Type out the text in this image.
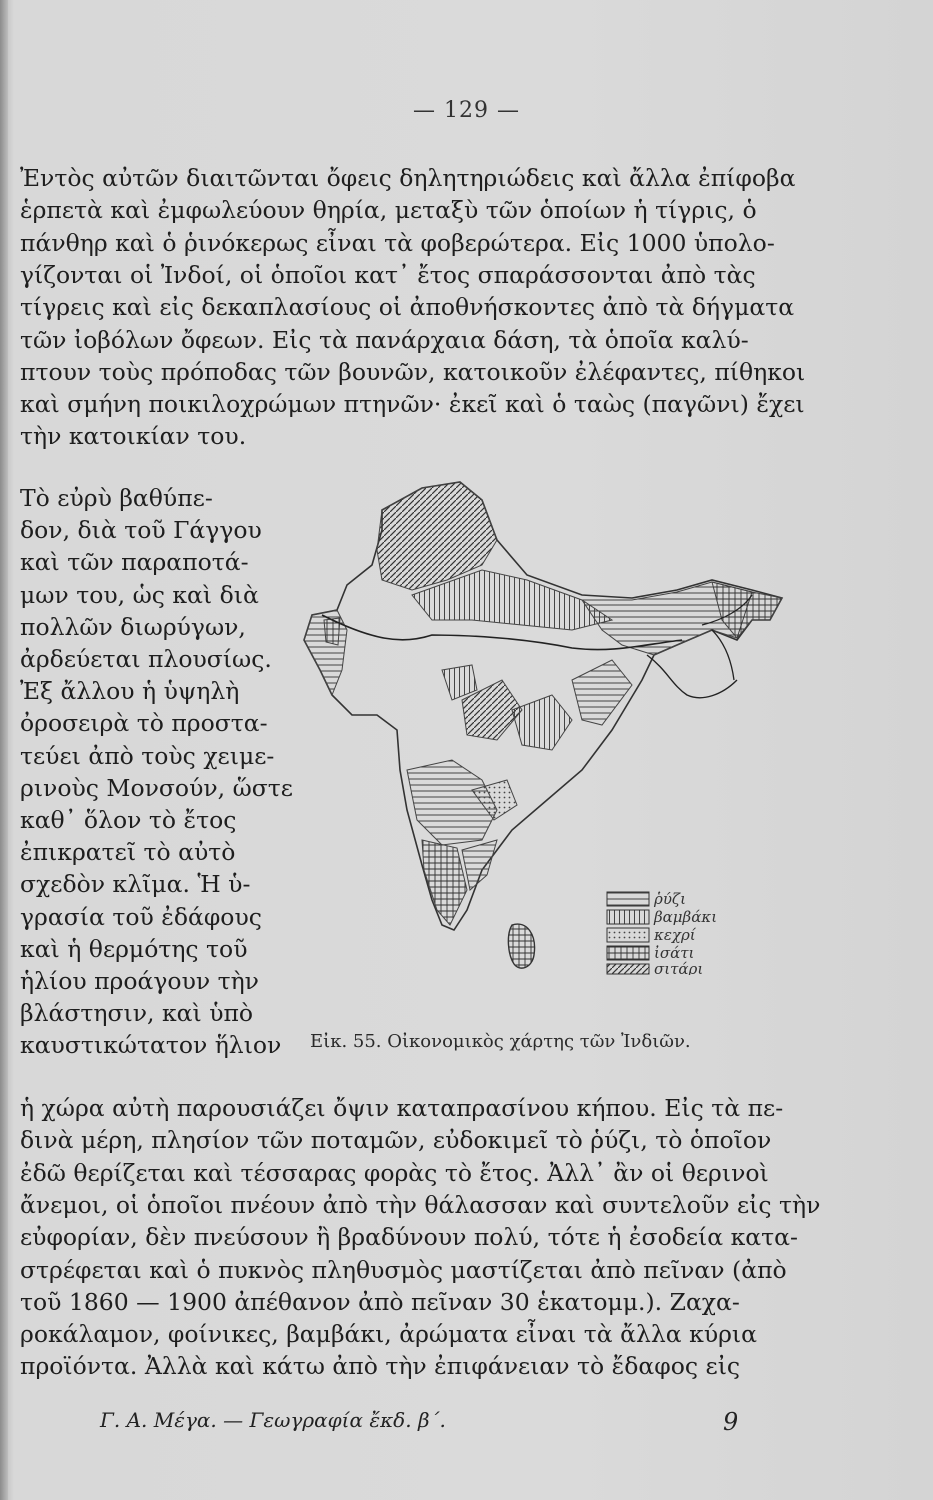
— 129 —
Ἐντὸς αὐτῶν διαιτῶνται ὄφεις δηλητηριώδεις καὶ ἄλλα ἐπίφοβα
ἑρπετὰ καὶ ἐμφωλεύουν θηρία, μεταξὺ τῶν ὁποίων ἡ τίγρις, ὁ
πάνθηρ καὶ ὁ ῥινόκερως εἶναι τὰ φοβερώτερα. Εἰς 1000 ὑπολο-
γίζονται οἱ Ἰνδοί, οἱ ὁποῖοι κατ᾿ ἔτος σπαράσσονται ἀπὸ τὰς
τίγρεις καὶ εἰς δεκαπλασίους οἱ ἀποθνήσκοντες ἀπὸ τὰ δήγματα
τῶν ἰοβόλων ὄφεων. Εἰς τὰ πανάρχαια δάση, τὰ ὁποῖα καλύ-
πτουν τοὺς πρόποδας τῶν βουνῶν, κατοικοῦν ἐλέφαντες, πίθηκοι
καὶ σμήνη ποικιλοχρώμων πτηνῶν· ἐκεῖ καὶ ὁ ταὼς (παγῶνι) ἔχει
τὴν κατοικίαν του.
Τὸ εὐρὺ βαθύπε-
δον, διὰ τοῦ Γάγγου
καὶ τῶν παραποτά-
μων του, ὡς καὶ διὰ
πολλῶν διωρύγων,
ἀρδεύεται πλουσίως.
Ἐξ ἄλλου ἡ ὑψηλὴ
ὀροσειρὰ τὸ προστα-
τεύει ἀπὸ τοὺς χειμε-
ρινοὺς Μονσούν, ὥστε
καθ᾿ ὅλον τὸ ἔτος
ἐπικρατεῖ τὸ αὐτὸ
σχεδὸν κλῖμα. Ἡ ὑ-
γρασία τοῦ ἐδάφους
καὶ ἡ θερμότης τοῦ
ἡλίου προάγουν τὴν
βλάστησιν, καὶ ὑπὸ
καυστικώτατον ἥλιον
ἡ χώρα αὐτὴ παρουσιάζει ὄψιν καταπρασίνου κήπου. Εἰς τὰ πε-
δινὰ μέρη, πλησίον τῶν ποταμῶν, εὐδοκιμεῖ τὸ ῥύζι, τὸ ὁποῖον
ἐδῶ θερίζεται καὶ τέσσαρας φορὰς τὸ ἔτος. Ἀλλ᾿ ἂν οἱ θερινοὶ
ἄνεμοι, οἱ ὁποῖοι πνέουν ἀπὸ τὴν θάλασσαν καὶ συντελοῦν εἰς τὴν
εὐφορίαν, δὲν πνεύσουν ἢ βραδύνουν πολύ, τότε ἡ ἐσοδεία κατα-
στρέφεται καὶ ὁ πυκνὸς πληθυσμὸς μαστίζεται ἀπὸ πεῖναν (ἀπὸ
τοῦ 1860 — 1900 ἀπέθανον ἀπὸ πεῖναν 30 ἑκατομμ.). Ζαχα-
ροκάλαμον, φοίνικες, βαμβάκι, ἀρώματα εἶναι τὰ ἄλλα κύρια
προϊόντα. Ἀλλὰ καὶ κάτω ἀπὸ τὴν ἐπιφάνειαν τὸ ἔδαφος εἰς
ῥύζι
βαμβάκι
κεχρί
ἰσάτι
σιτάρι
Εἰκ. 55. Οἰκονομικὸς χάρτης τῶν Ἰνδιῶν.
Γ. Α. Μέγα. — Γεωγραφία ἔκδ. β΄.	9
